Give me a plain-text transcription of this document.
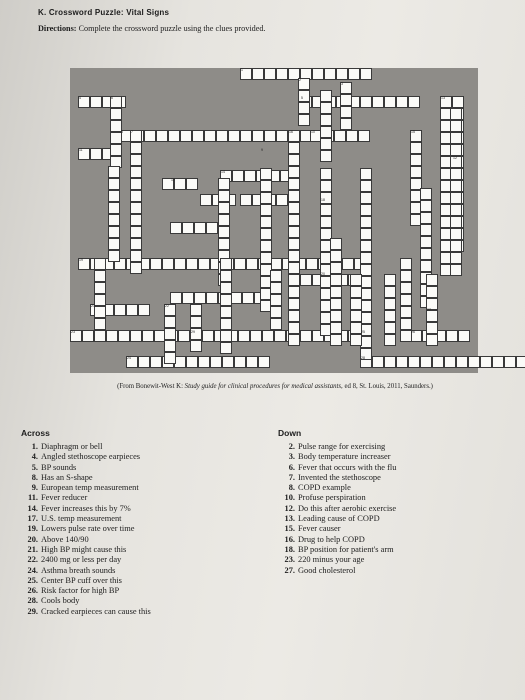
K. Crossword Puzzle: Vital Signs
Directions: Complete the crossword puzzle using the clues provided.
1
2
3
4	5
6
7
8
9
10
11
12
13
14
15
16
17
18
19
20
21	22
23
24
25	26
27
28
29
(From Bonewit-West K: Study guide for clinical procedures for medical assistants, ed 8, St. Louis, 2011, Saunders.)
Across
1. Diaphragm or bell
4. Angled stethoscope earpieces
5. BP sounds
8. Has an S-shape
9. European temp measurement
11. Fever reducer
14. Fever increases this by 7%
17. U.S. temp measurement
19. Lowers pulse rate over time
20. Above 140/90
21. High BP might cause this
22. 2400 mg or less per day
24. Asthma breath sounds
25. Center BP cuff over this
26. Risk factor for high BP
28. Cools body
29. Cracked earpieces can cause this
Down
2. Pulse range for exercising
3. Body temperature increaser
6. Fever that occurs with the flu
7. Invented the stethoscope
8. COPD example
10. Profuse perspiration
12. Do this after aerobic exercise
13. Leading cause of COPD
15. Fever causer
16. Drug to help COPD
18. BP position for patient's arm
23. 220 minus your age
27. Good cholesterol
